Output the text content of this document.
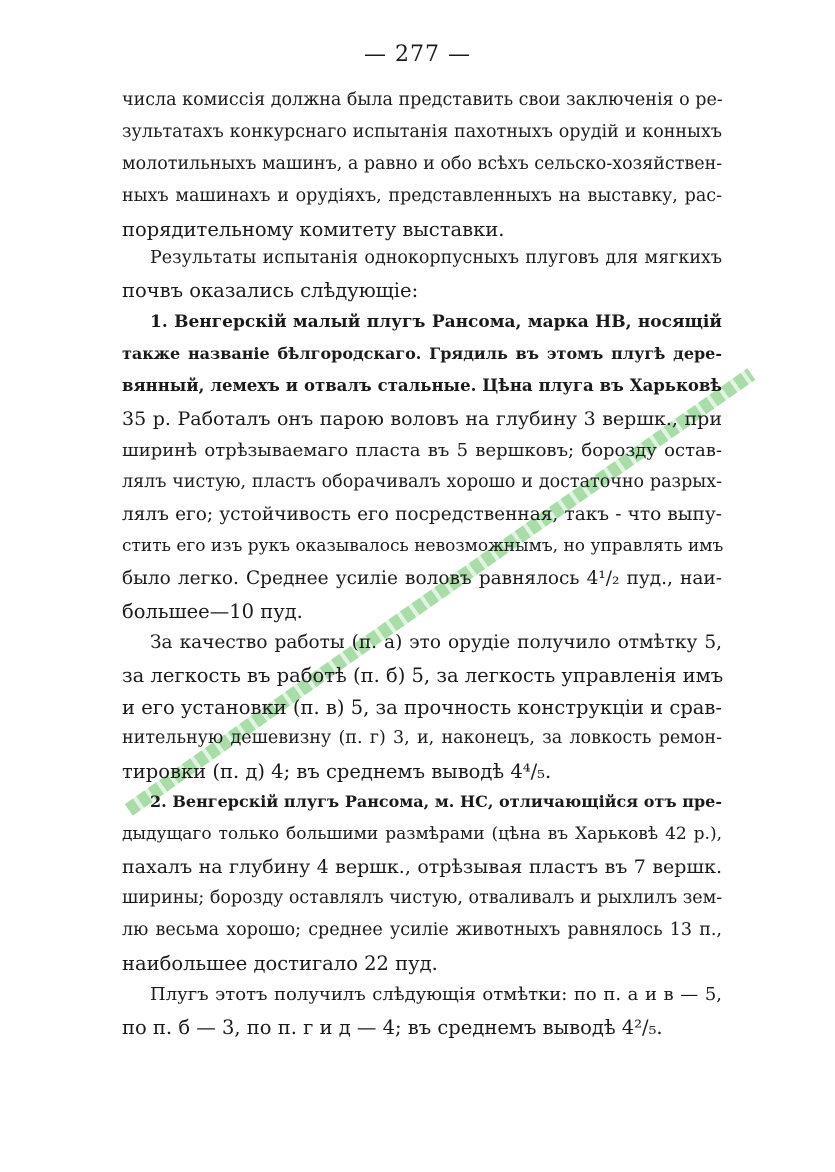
— 277 —
числа комиссія должна была представить свои заключенія о ре-
зультатахъ конкурснаго испытанія пахотныхъ орудій и конныхъ
молотильныхъ машинъ, а равно и обо всѣхъ сельско-хозяйствен-
ныхъ машинахъ и орудіяхъ, представленныхъ на выставку, рас-
порядительному комитету выставки.
Результаты испытанія однокорпусныхъ плуговъ для мягкихъ
почвъ оказались слѣдующіе:
1. Венгерскій малый плугъ Рансома, марка НВ, носящій
также названіе бѣлгородскаго. Грядиль въ этомъ плугѣ дере-
вянный, лемехъ и отвалъ стальные. Цѣна плуга въ Харьковѣ
35 р. Работалъ онъ парою воловъ на глубину 3 вершк., при
ширинѣ отрѣзываемаго пласта въ 5 вершковъ; борозду остав-
лялъ чистую, пластъ оборачивалъ хорошо и достаточно разрых-
лялъ его; устойчивость его посредственная, такъ - что выпу-
стить его изъ рукъ оказывалось невозможнымъ, но управлять имъ
было легко. Среднее усиліе воловъ равнялось 4¹/₂ пуд., наи-
большее—10 пуд.
За качество работы (п. а) это орудіе получило отмѣтку 5,
за легкость въ работѣ (п. б) 5, за легкость управленія имъ
и его установки (п. в) 5, за прочность конструкціи и срав-
нительную дешевизну (п. г) 3, и, наконецъ, за ловкость ремон-
тировки (п. д) 4; въ среднемъ выводѣ 4⁴/₅.
2. Венгерскій плугъ Рансома, м. НС, отличающійся отъ пре-
дыдущаго только большими размѣрами (цѣна въ Харьковѣ 42 р.),
пахалъ на глубину 4 вершк., отрѣзывая пластъ въ 7 вершк.
ширины; борозду оставлялъ чистую, отваливалъ и рыхлилъ зем-
лю весьма хорошо; среднее усиліе животныхъ равнялось 13 п.,
наибольшее достигало 22 пуд.
Плугъ этотъ получилъ слѣдующія отмѣтки: по п. а и в — 5,
по п. б — 3, по п. г и д — 4; въ среднемъ выводѣ 4²/₅.
